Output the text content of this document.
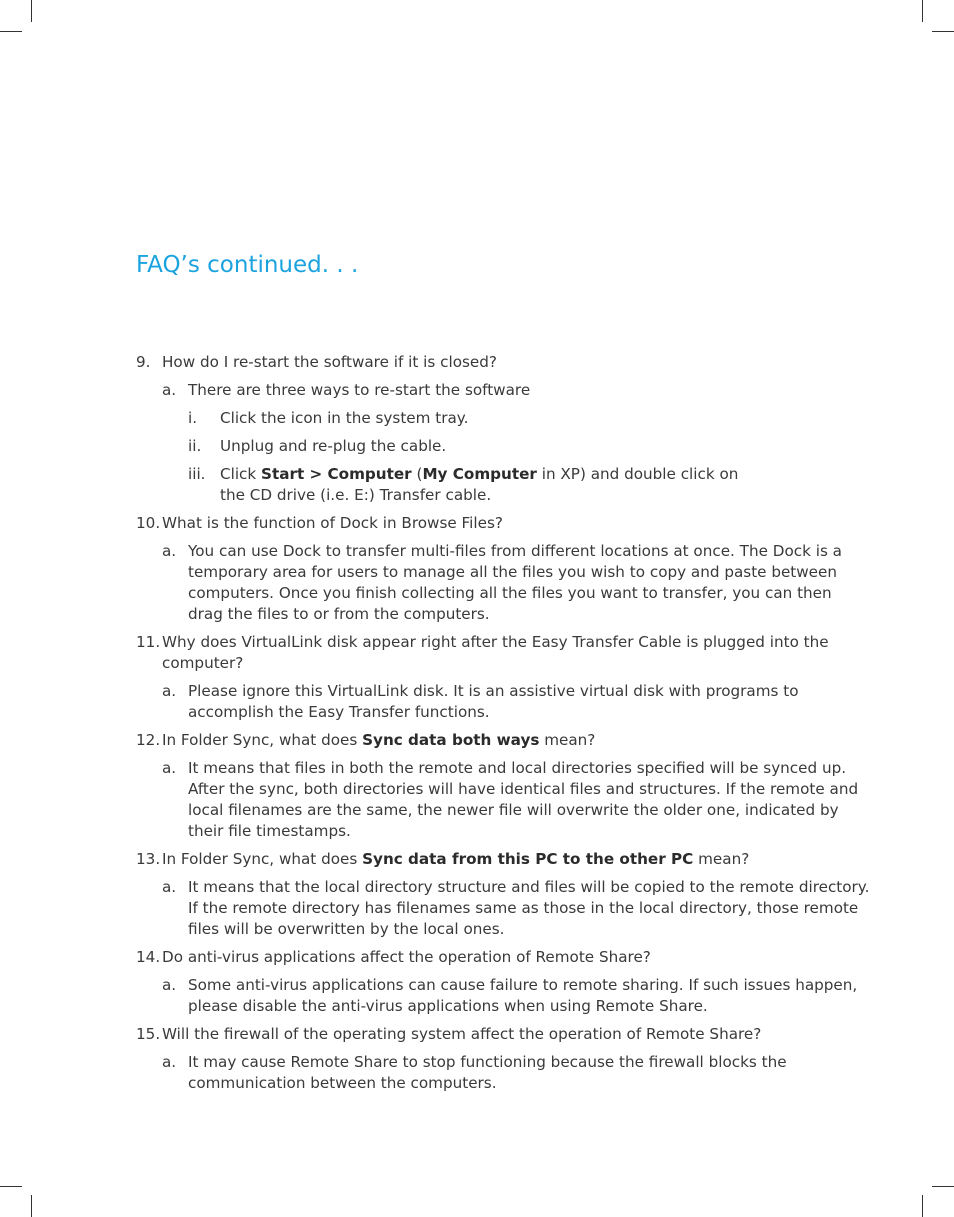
FAQ’s continued. . .
9. How do I re-start the software if it is closed?
a. There are three ways to re-start the software
i. Click the icon in the system tray.
ii. Unplug and re-plug the cable.
iii. Click Start > Computer (My Computer in XP) and double click on
the CD drive (i.e. E:) Transfer cable.
10. What is the function of Dock in Browse Files?
a. You can use Dock to transfer multi-files from different locations at once. The Dock is a temporary area for users to manage all the files you wish to copy and paste between computers. Once you finish collecting all the files you want to transfer, you can then drag the files to or from the computers.
11. Why does VirtualLink disk appear right after the Easy Transfer Cable is plugged into the computer?
a. Please ignore this VirtualLink disk. It is an assistive virtual disk with programs to accomplish the Easy Transfer functions.
12. In Folder Sync, what does Sync data both ways mean?
a. It means that files in both the remote and local directories specified will be synced up. After the sync, both directories will have identical files and structures. If the remote and local filenames are the same, the newer file will overwrite the older one, indicated by their file timestamps.
13. In Folder Sync, what does Sync data from this PC to the other PC mean?
a. It means that the local directory structure and files will be copied to the remote directory. If the remote directory has filenames same as those in the local directory, those remote files will be overwritten by the local ones.
14. Do anti-virus applications affect the operation of Remote Share?
a. Some anti-virus applications can cause failure to remote sharing. If such issues happen, please disable the anti-virus applications when using Remote Share.
15. Will the firewall of the operating system affect the operation of Remote Share?
a. It may cause Remote Share to stop functioning because the firewall blocks the communication between the computers.
